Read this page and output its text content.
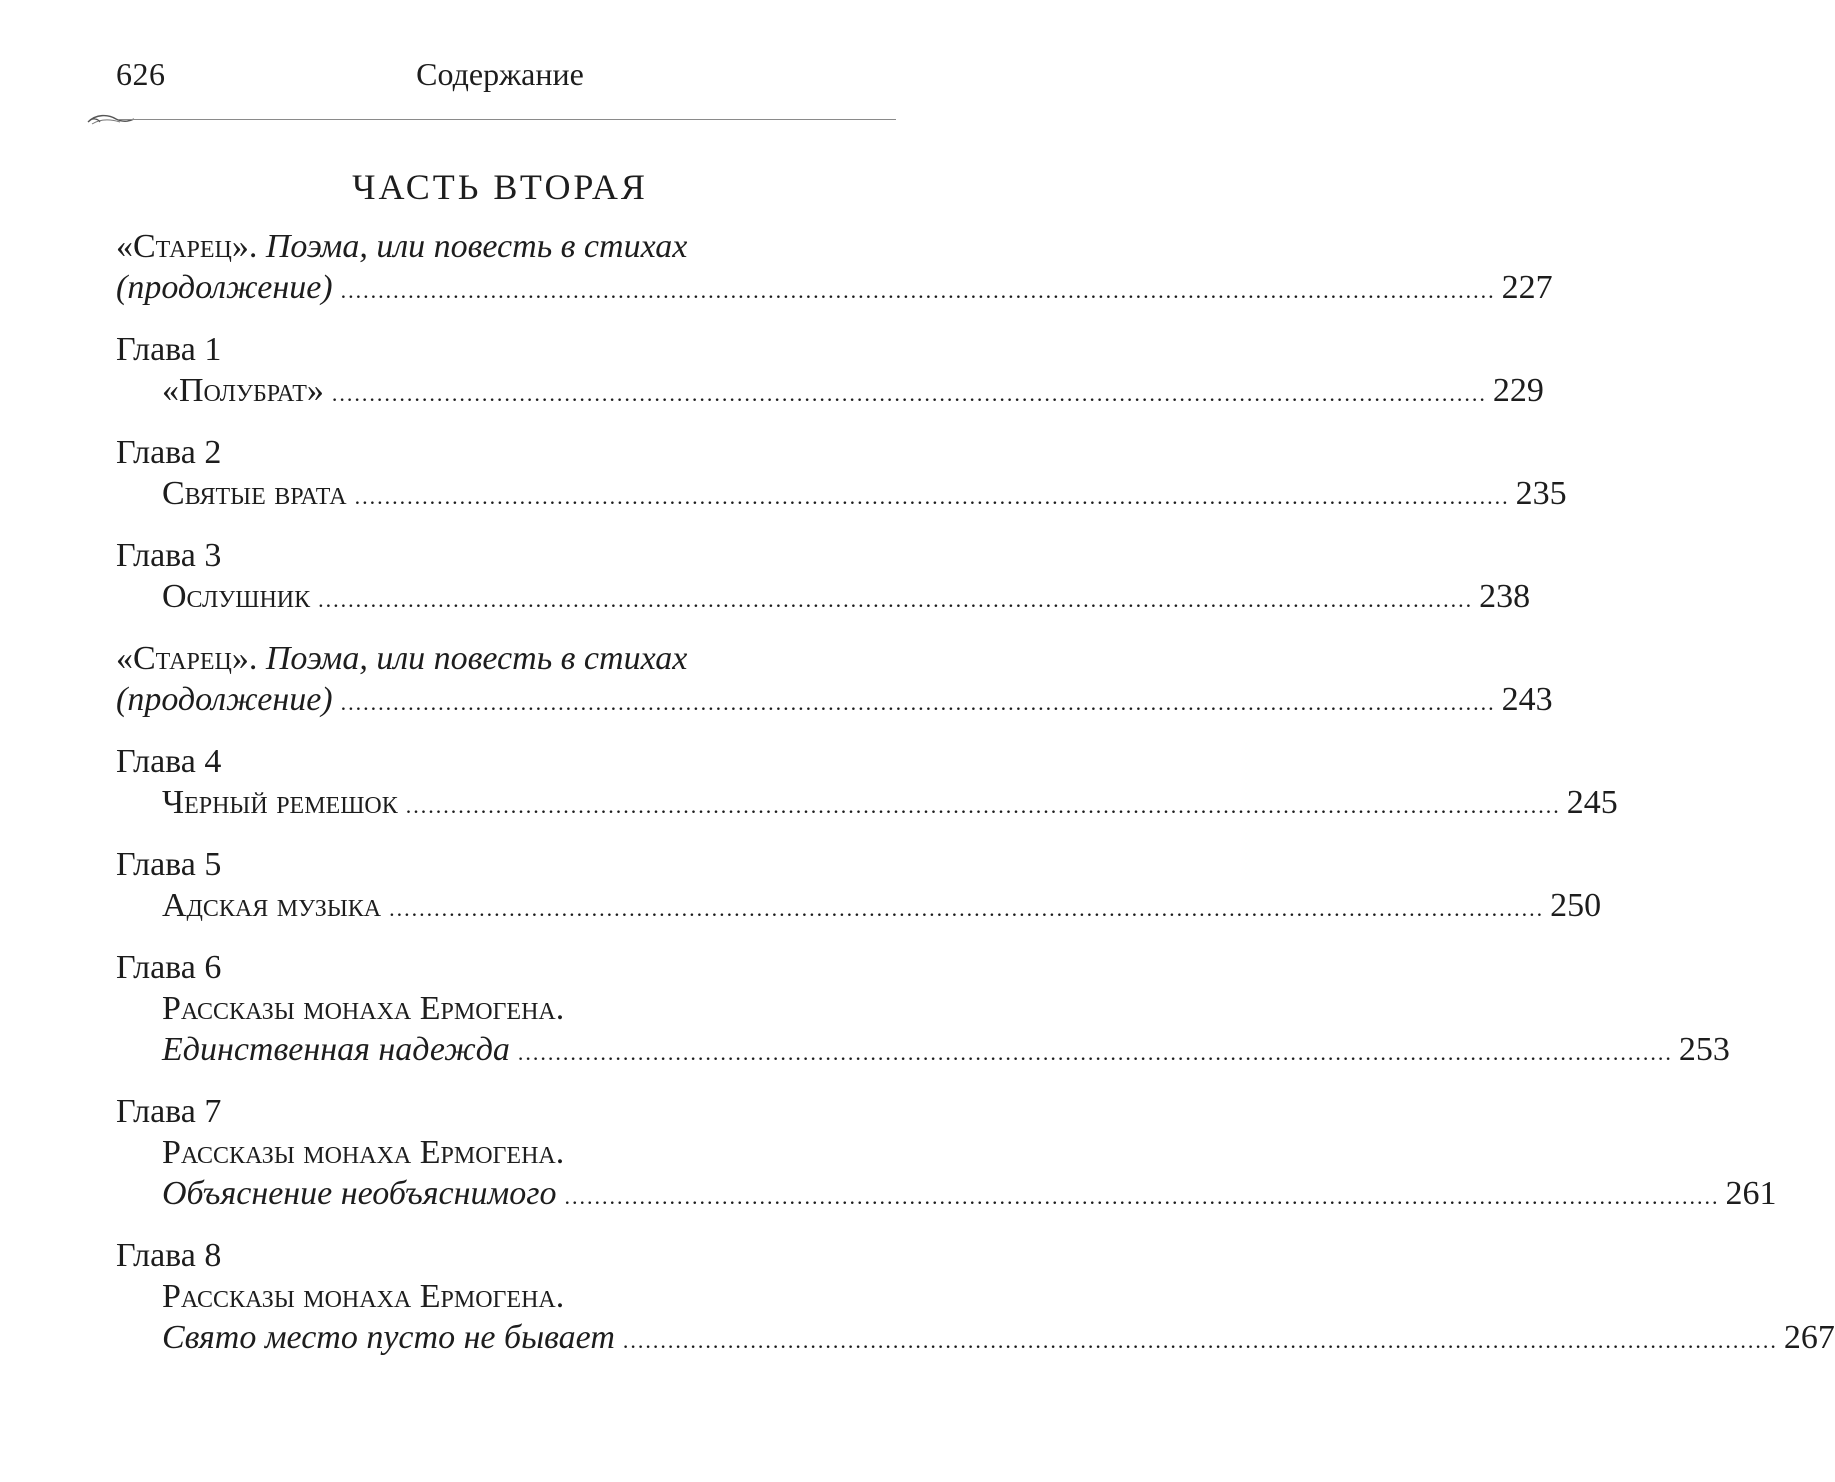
626	Содержание
ЧАСТЬ ВТОРАЯ
«Старец». Поэма, или повесть в стихах
(продолжение) .......................................................................................................................................................... 227
Глава 1
«Полубрат» .......................................................................................................................................................... 229
Глава 2
Святые врата .......................................................................................................................................................... 235
Глава 3
Ослушник .......................................................................................................................................................... 238
«Старец». Поэма, или повесть в стихах
(продолжение) .......................................................................................................................................................... 243
Глава 4
Черный ремешок .......................................................................................................................................................... 245
Глава 5
Адская музыка .......................................................................................................................................................... 250
Глава 6
Рассказы монаха Ермогена.
Единственная надежда .......................................................................................................................................................... 253
Глава 7
Рассказы монаха Ермогена.
Объяснение необъяснимого .......................................................................................................................................................... 261
Глава 8
Рассказы монаха Ермогена.
Свято место пусто не бывает .......................................................................................................................................................... 267
